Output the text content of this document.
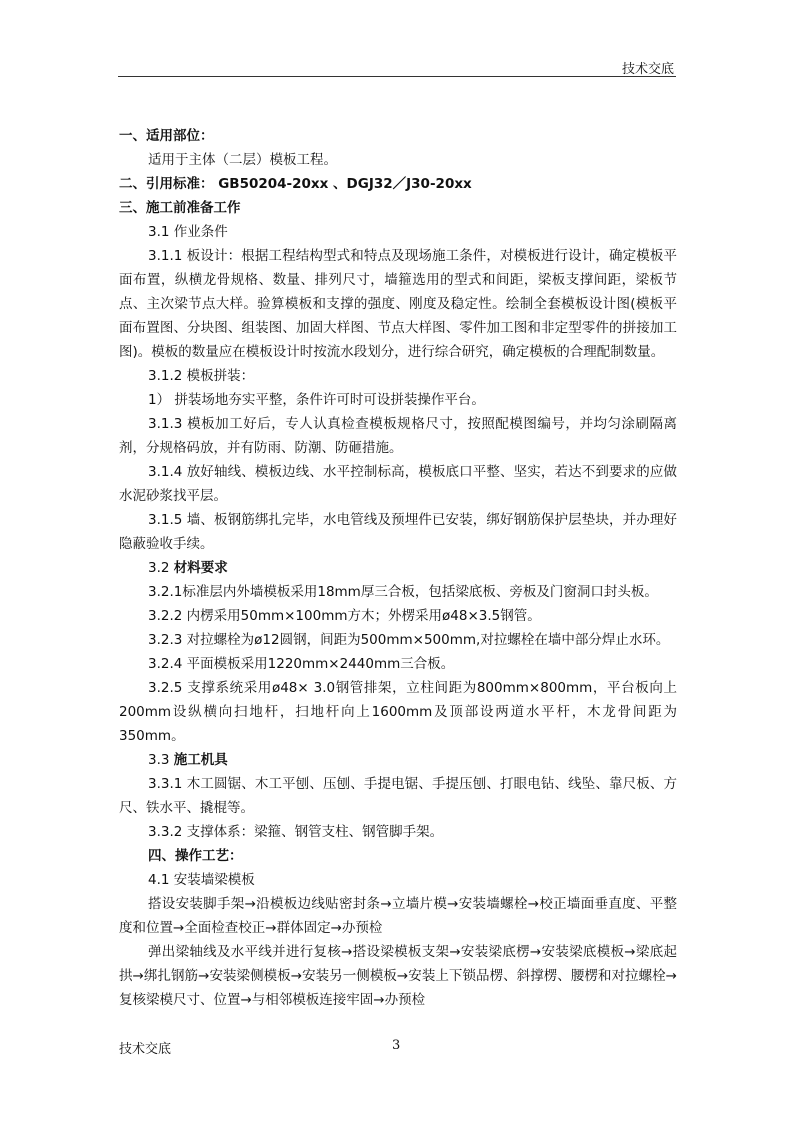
技术交底

一、适用部位：

适用于主体（二层）模板工程。

二、引用标准： GB50204-20xx 、DGJ32／J30-20xx

三、施工前准备工作

3.1 作业条件

3.1.1 板设计：根据工程结构型式和特点及现场施工条件，对模板进行设计，确定模板平面布置，纵横龙骨规格、数量、排列尺寸，墙箍选用的型式和间距，梁板支撑间距，梁板节点、主次梁节点大样。验算模板和支撑的强度、刚度及稳定性。绘制全套模板设计图(模板平面布置图、分块图、组装图、加固大样图、节点大样图、零件加工图和非定型零件的拼接加工图)。模板的数量应在模板设计时按流水段划分，进行综合研究，确定模板的合理配制数量。

3.1.2 模板拼装：

1） 拼装场地夯实平整，条件许可时可设拼装操作平台。

3.1.3 模板加工好后，专人认真检查模板规格尺寸，按照配模图编号，并均匀涂刷隔离剂，分规格码放，并有防雨、防潮、防砸措施。

3.1.4 放好轴线、模板边线、水平控制标高，模板底口平整、坚实，若达不到要求的应做水泥砂浆找平层。

3.1.5 墙、板钢筋绑扎完毕，水电管线及预埋件已安装，绑好钢筋保护层垫块，并办理好隐蔽验收手续。

3.2 材料要求

3.2.1标准层内外墙模板采用18mm厚三合板，包括梁底板、旁板及门窗洞口封头板。

3.2.2 内楞采用50mm×100mm方木；外楞采用ø48×3.5钢管。

3.2.3 对拉螺栓为ø12圆钢，间距为500mm×500mm,对拉螺栓在墙中部分焊止水环。

3.2.4 平面模板采用1220mm×2440mm三合板。

3.2.5 支撑系统采用ø48× 3.0钢管排架，立柱间距为800mm×800mm，平台板向上200mm设纵横向扫地杆，扫地杆向上1600mm及顶部设两道水平杆，木龙骨间距为350mm。

3.3 施工机具

3.3.1 木工圆锯、木工平刨、压刨、手提电锯、手提压刨、打眼电钻、线坠、靠尺板、方尺、铁水平、撬棍等。

3.3.2 支撑体系：梁箍、钢管支柱、钢管脚手架。

四、操作工艺：

4.1 安装墙梁模板

搭设安装脚手架→沿模板边线贴密封条→立墙片模→安装墙螺栓→校正墙面垂直度、平整度和位置→全面检查校正→群体固定→办预检

弹出梁轴线及水平线并进行复核→搭设梁模板支架→安装梁底楞→安装梁底模板→梁底起拱→绑扎钢筋→安装梁侧模板→安装另一侧模板→安装上下锁品楞、斜撑楞、腰楞和对拉螺栓→复核梁模尺寸、位置→与相邻模板连接牢固→办预检

技术交底	3
